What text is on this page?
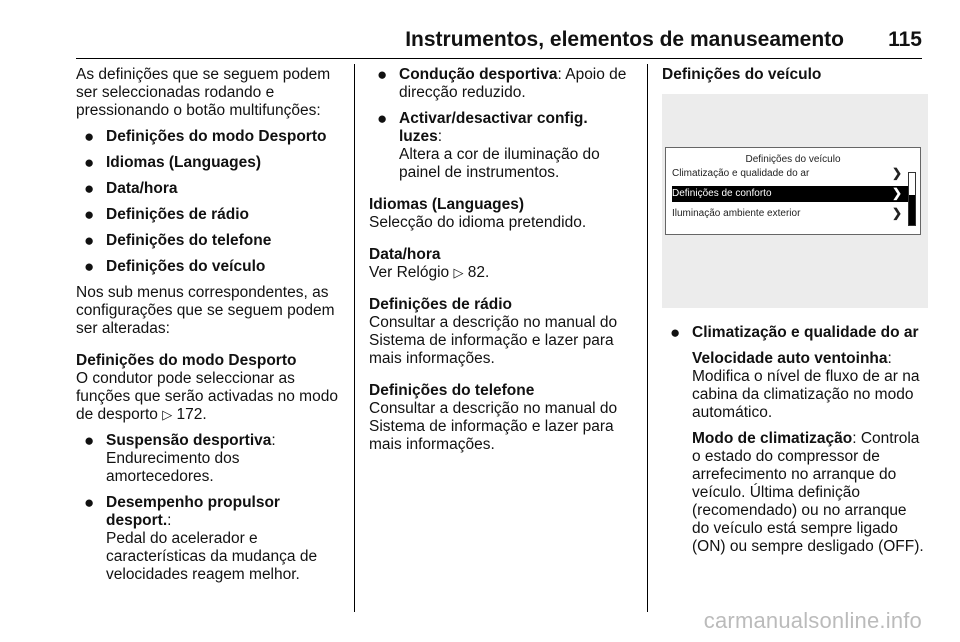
Instrumentos, elementos de manuseamento 115

As definições que se seguem podem ser seleccionadas rodando e pressionando o botão multifunções:

● Definições do modo Desporto
● Idiomas (Languages)
● Data/hora
● Definições de rádio
● Definições do telefone
● Definições do veículo

Nos sub menus correspondentes, as configurações que se seguem podem ser alteradas:

Definições do modo Desporto

O condutor pode seleccionar as funções que serão activadas no modo de desporto ▷ 172.

● Suspensão desportiva:
Endurecimento dos amortecedores.
● Desempenho propulsor desport.:
Pedal do acelerador e características da mudança de velocidades reagem melhor.
● Condução desportiva: Apoio de direcção reduzido.
● Activar/desactivar config. luzes:
Altera a cor de iluminação do painel de instrumentos.
Idiomas (Languages)

Selecção do idioma pretendido.

Data/hora

Ver Relógio ▷ 82.

Definições de rádio

Consultar a descrição no manual do Sistema de informação e lazer para mais informações.

Definições do telefone

Consultar a descrição no manual do Sistema de informação e lazer para mais informações.

Definições do veículo
Definições do veículo
Climatização e qualidade do ar	❯
Definições de conforto	❯
Iluminação ambiente exterior	❯
● Climatização e qualidade do ar

Velocidade auto ventoinha: Modifica o nível de fluxo de ar na cabina da climatização no modo automático.

Modo de climatização: Controla o estado do compressor de arrefecimento no arranque do veículo. Última definição (recomendado) ou no arranque do veículo está sempre ligado (ON) ou sempre desligado (OFF).

carmanualsonline.info
